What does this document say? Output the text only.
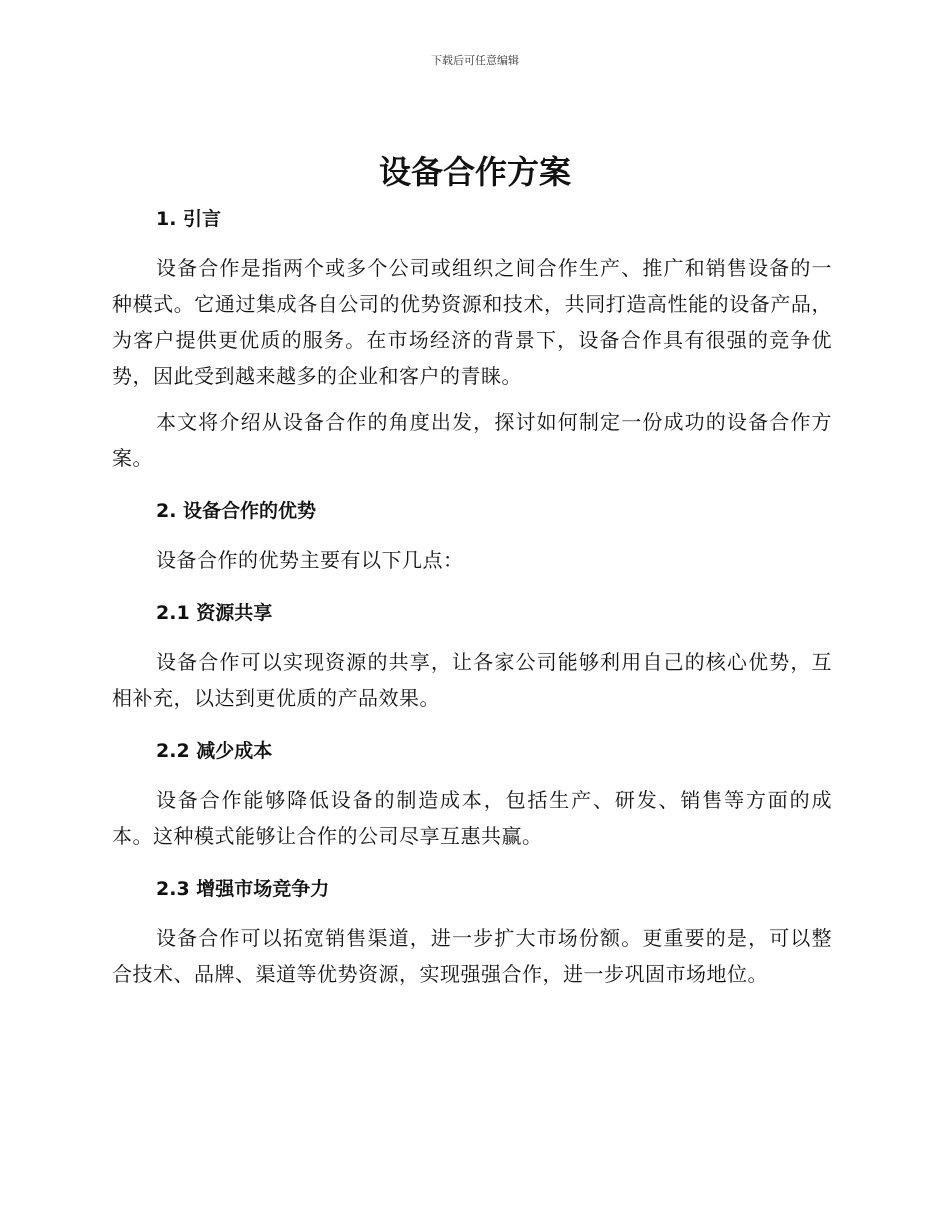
下载后可任意编辑
设备合作方案
1. 引言

设备合作是指两个或多个公司或组织之间合作生产、推广和销售设备的一种模式。它通过集成各自公司的优势资源和技术，共同打造高性能的设备产品，为客户提供更优质的服务。在市场经济的背景下，设备合作具有很强的竞争优势，因此受到越来越多的企业和客户的青睐。

本文将介绍从设备合作的角度出发，探讨如何制定一份成功的设备合作方案。

2. 设备合作的优势

设备合作的优势主要有以下几点：

2.1 资源共享

设备合作可以实现资源的共享，让各家公司能够利用自己的核心优势，互相补充，以达到更优质的产品效果。

2.2 减少成本

设备合作能够降低设备的制造成本，包括生产、研发、销售等方面的成本。这种模式能够让合作的公司尽享互惠共赢。

2.3 增强市场竞争力

设备合作可以拓宽销售渠道，进一步扩大市场份额。更重要的是，可以整合技术、品牌、渠道等优势资源，实现强强合作，进一步巩固市场地位。
